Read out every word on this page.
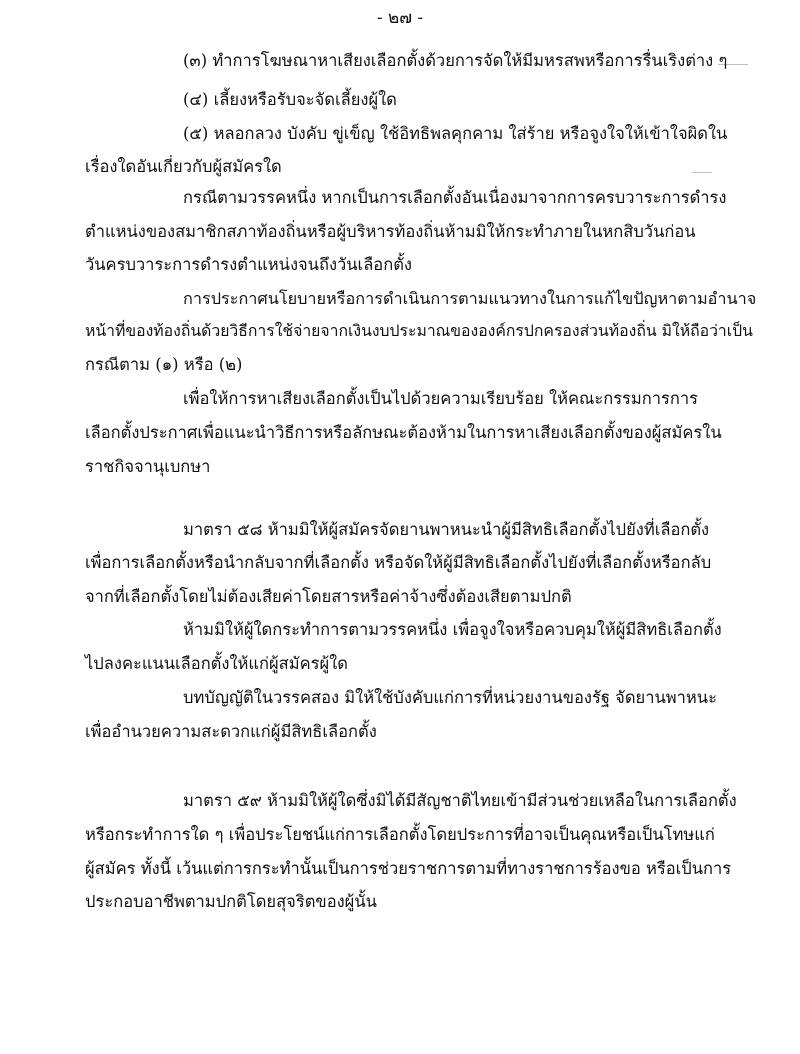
- ๒๗ -
(๓) ทำการโฆษณาหาเสียงเลือกตั้งด้วยการจัดให้มีมหรสพหรือการรื่นเริงต่าง ๆ
(๔) เลี้ยงหรือรับจะจัดเลี้ยงผู้ใด
(๕) หลอกลวง บังคับ ขู่เข็ญ ใช้อิทธิพลคุกคาม ใส่ร้าย หรือจูงใจให้เข้าใจผิดใน
เรื่องใดอันเกี่ยวกับผู้สมัครใด
กรณีตามวรรคหนึ่ง หากเป็นการเลือกตั้งอันเนื่องมาจากการครบวาระการดำรง
ตำแหน่งของสมาชิกสภาท้องถิ่นหรือผู้บริหารท้องถิ่นห้ามมิให้กระทำภายในหกสิบวันก่อน
วันครบวาระการดำรงตำแหน่งจนถึงวันเลือกตั้ง
การประกาศนโยบายหรือการดำเนินการตามแนวทางในการแก้ไขปัญหาตามอำนาจ
หน้าที่ของท้องถิ่นด้วยวิธีการใช้จ่ายจากเงินงบประมาณขององค์กรปกครองส่วนท้องถิ่น มิให้ถือว่าเป็น
กรณีตาม (๑) หรือ (๒)
เพื่อให้การหาเสียงเลือกตั้งเป็นไปด้วยความเรียบร้อย ให้คณะกรรมการการ
เลือกตั้งประกาศเพื่อแนะนำวิธีการหรือลักษณะต้องห้ามในการหาเสียงเลือกตั้งของผู้สมัครใน
ราชกิจจานุเบกษา
มาตรา ๕๘ ห้ามมิให้ผู้สมัครจัดยานพาหนะนำผู้มีสิทธิเลือกตั้งไปยังที่เลือกตั้ง
เพื่อการเลือกตั้งหรือนำกลับจากที่เลือกตั้ง หรือจัดให้ผู้มีสิทธิเลือกตั้งไปยังที่เลือกตั้งหรือกลับ
จากที่เลือกตั้งโดยไม่ต้องเสียค่าโดยสารหรือค่าจ้างซึ่งต้องเสียตามปกติ
ห้ามมิให้ผู้ใดกระทำการตามวรรคหนึ่ง เพื่อจูงใจหรือควบคุมให้ผู้มีสิทธิเลือกตั้ง
ไปลงคะแนนเลือกตั้งให้แก่ผู้สมัครผู้ใด
บทบัญญัติในวรรคสอง มิให้ใช้บังคับแก่การที่หน่วยงานของรัฐ จัดยานพาหนะ
เพื่ออำนวยความสะดวกแก่ผู้มีสิทธิเลือกตั้ง
มาตรา ๕๙ ห้ามมิให้ผู้ใดซึ่งมิได้มีสัญชาติไทยเข้ามีส่วนช่วยเหลือในการเลือกตั้ง
หรือกระทำการใด ๆ เพื่อประโยชน์แก่การเลือกตั้งโดยประการที่อาจเป็นคุณหรือเป็นโทษแก่
ผู้สมัคร ทั้งนี้ เว้นแต่การกระทำนั้นเป็นการช่วยราชการตามที่ทางราชการร้องขอ หรือเป็นการ
ประกอบอาชีพตามปกติโดยสุจริตของผู้นั้น
